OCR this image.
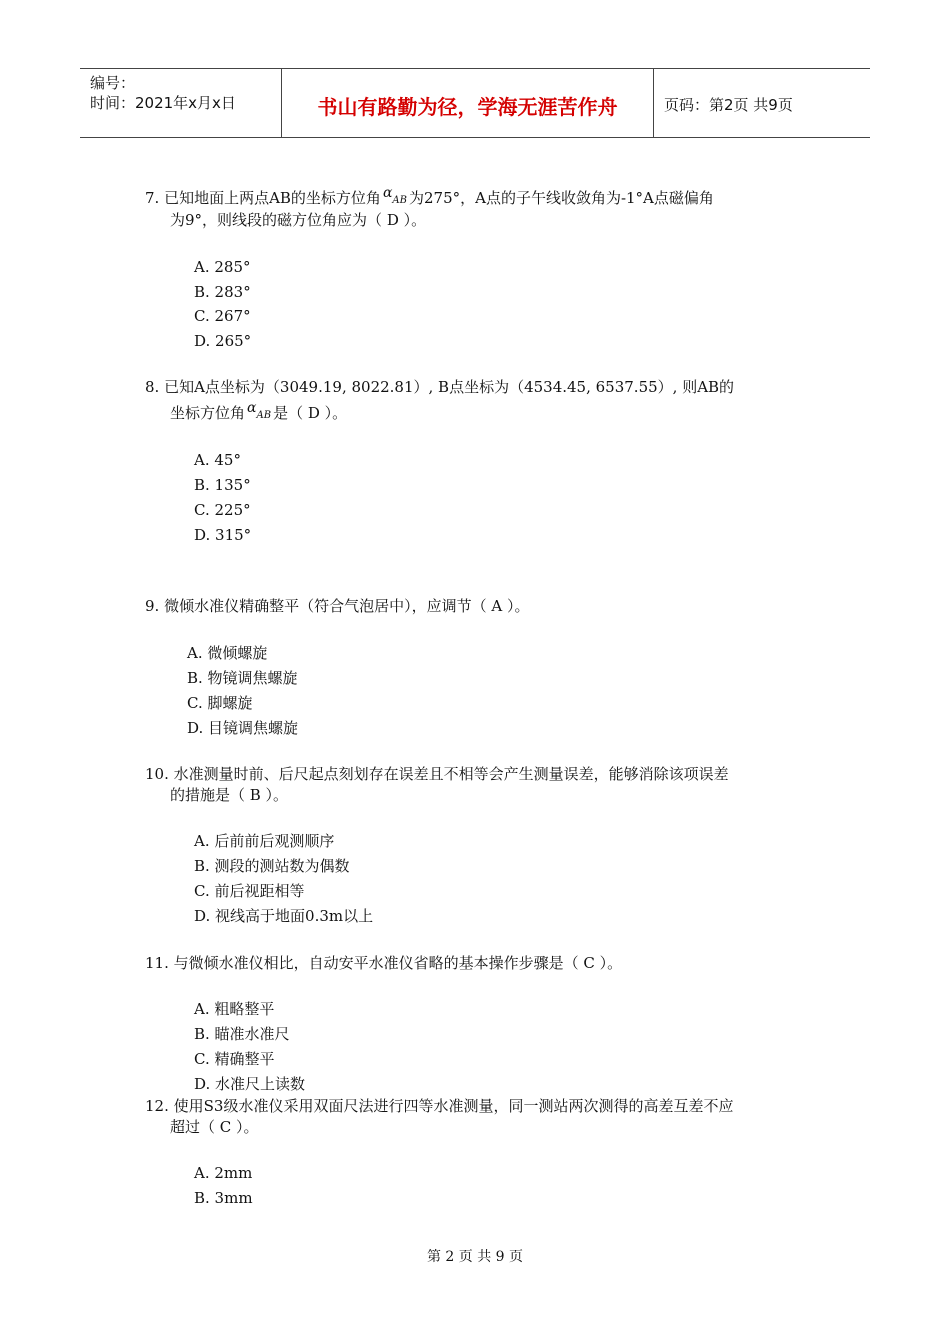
编号：
时间：2021年x月x日	书山有路勤为径，学海无涯苦作舟	页码：第2页 共9页
7. 已知地面上两点AB的坐标方位角 αAB 为275°，A点的子午线收敛角为-1°A点磁偏角
为9°，则线段的磁方位角应为（ D ）。
A. 285°
B. 283°
C. 267°
D. 265°
8. 已知A点坐标为（3049.19, 8022.81）, B点坐标为（4534.45, 6537.55）, 则AB的
坐标方位角 αAB 是（ D ）。
A. 45°
B. 135°
C. 225°
D. 315°
9. 微倾水准仪精确整平（符合气泡居中），应调节（ A ）。
A. 微倾螺旋
B. 物镜调焦螺旋
C. 脚螺旋
D. 目镜调焦螺旋
10. 水准测量时前、后尺起点刻划存在误差且不相等会产生测量误差，能够消除该项误差
的措施是（ B ）。
A. 后前前后观测顺序
B. 测段的测站数为偶数
C. 前后视距相等
D. 视线高于地面0.3m以上
11. 与微倾水准仪相比，自动安平水准仪省略的基本操作步骤是（ C ）。
A. 粗略整平
B. 瞄准水准尺
C. 精确整平
D. 水准尺上读数
12. 使用S3级水准仪采用双面尺法进行四等水准测量，同一测站两次测得的高差互差不应
超过（ C ）。
A. 2mm
B. 3mm
第 2 页 共 9 页
